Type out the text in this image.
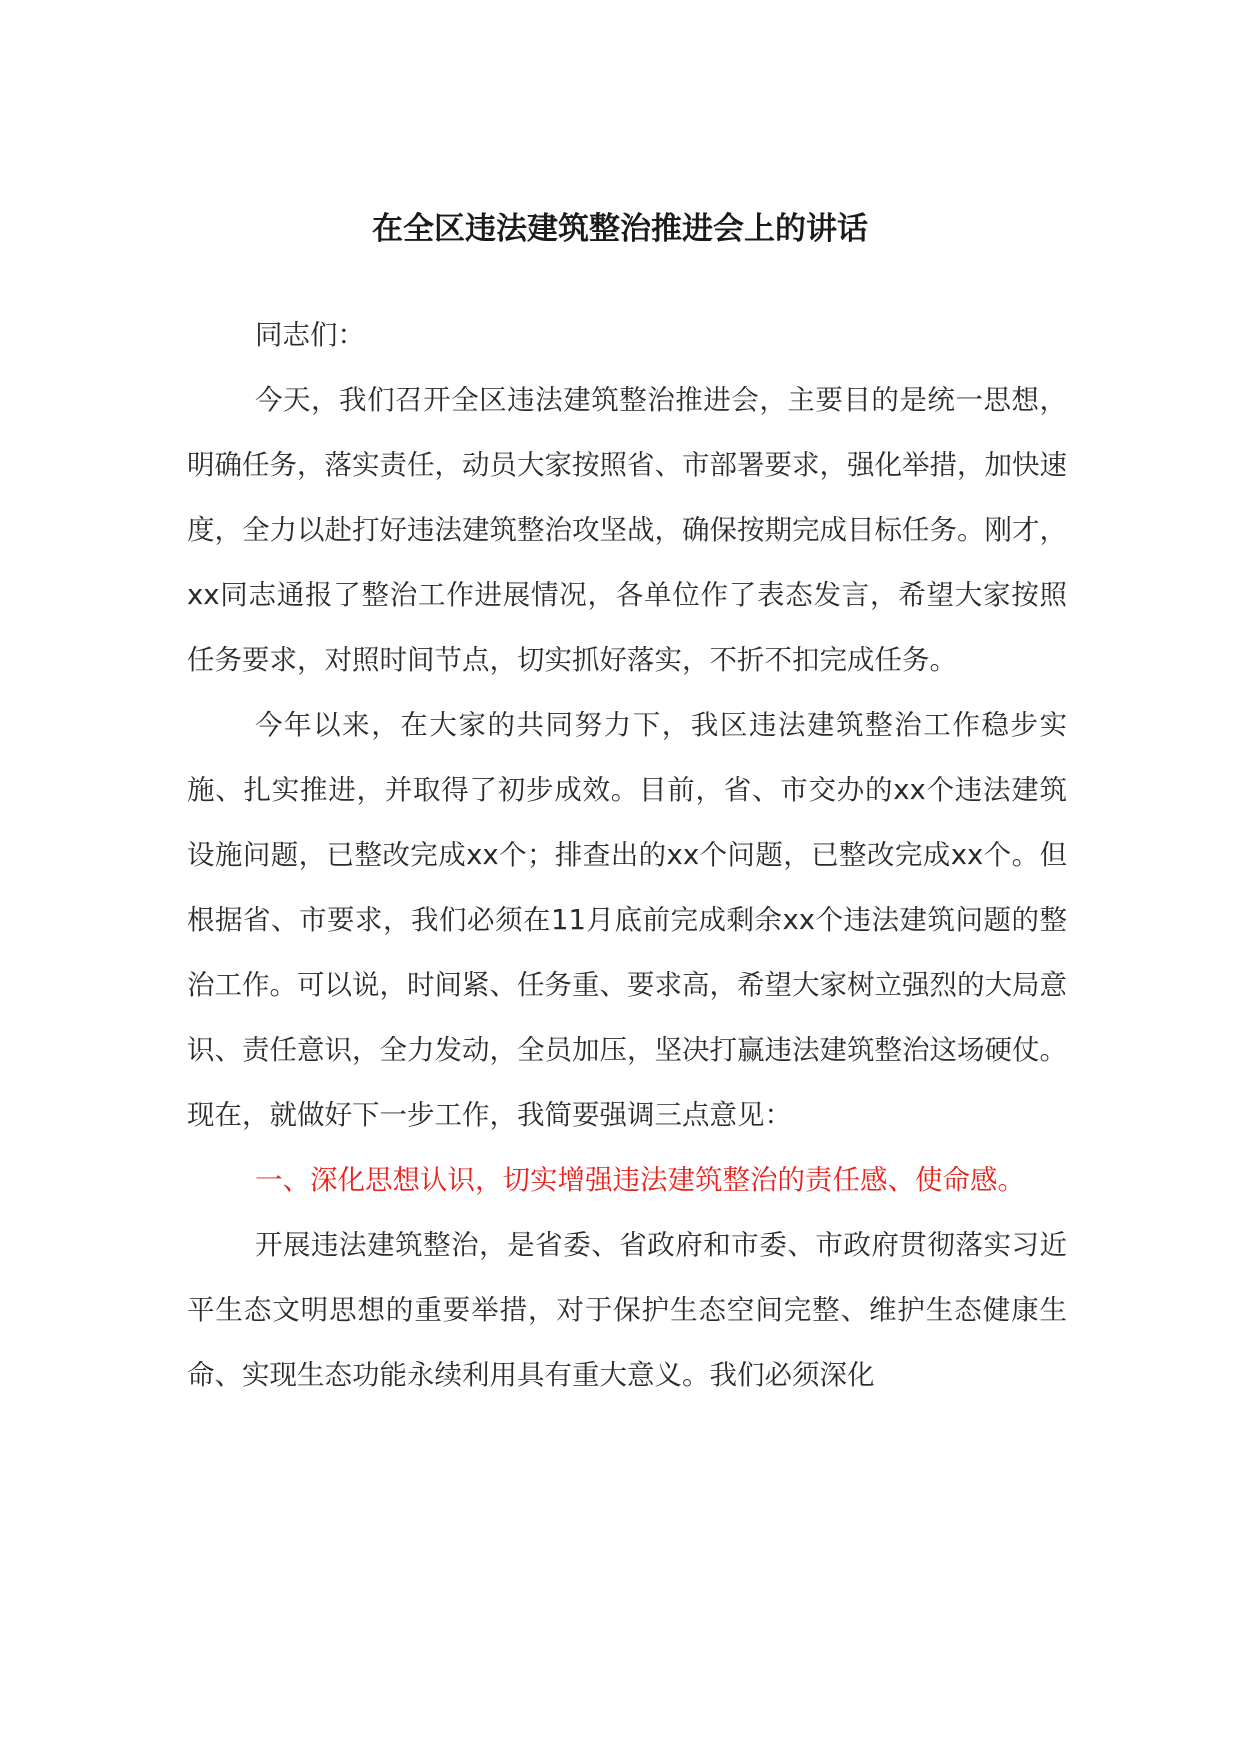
在全区违法建筑整治推进会上的讲话

同志们：

今天，我们召开全区违法建筑整治推进会，主要目的是统一思想，明确任务，落实责任，动员大家按照省、市部署要求，强化举措，加快速度，全力以赴打好违法建筑整治攻坚战，确保按期完成目标任务。刚才，xx同志通报了整治工作进展情况，各单位作了表态发言，希望大家按照任务要求，对照时间节点，切实抓好落实，不折不扣完成任务。

今年以来，在大家的共同努力下，我区违法建筑整治工作稳步实施、扎实推进，并取得了初步成效。目前，省、市交办的xx个违法建筑设施问题，已整改完成xx个；排查出的xx个问题，已整改完成xx个。但根据省、市要求，我们必须在11月底前完成剩余xx个违法建筑问题的整治工作。可以说，时间紧、任务重、要求高，希望大家树立强烈的大局意识、责任意识，全力发动，全员加压，坚决打赢违法建筑整治这场硬仗。现在，就做好下一步工作，我简要强调三点意见：

一、深化思想认识，切实增强违法建筑整治的责任感、使命感。

开展违法建筑整治，是省委、省政府和市委、市政府贯彻落实习近平生态文明思想的重要举措，对于保护生态空间完整、维护生态健康生命、实现生态功能永续利用具有重大意义。我们必须深化
